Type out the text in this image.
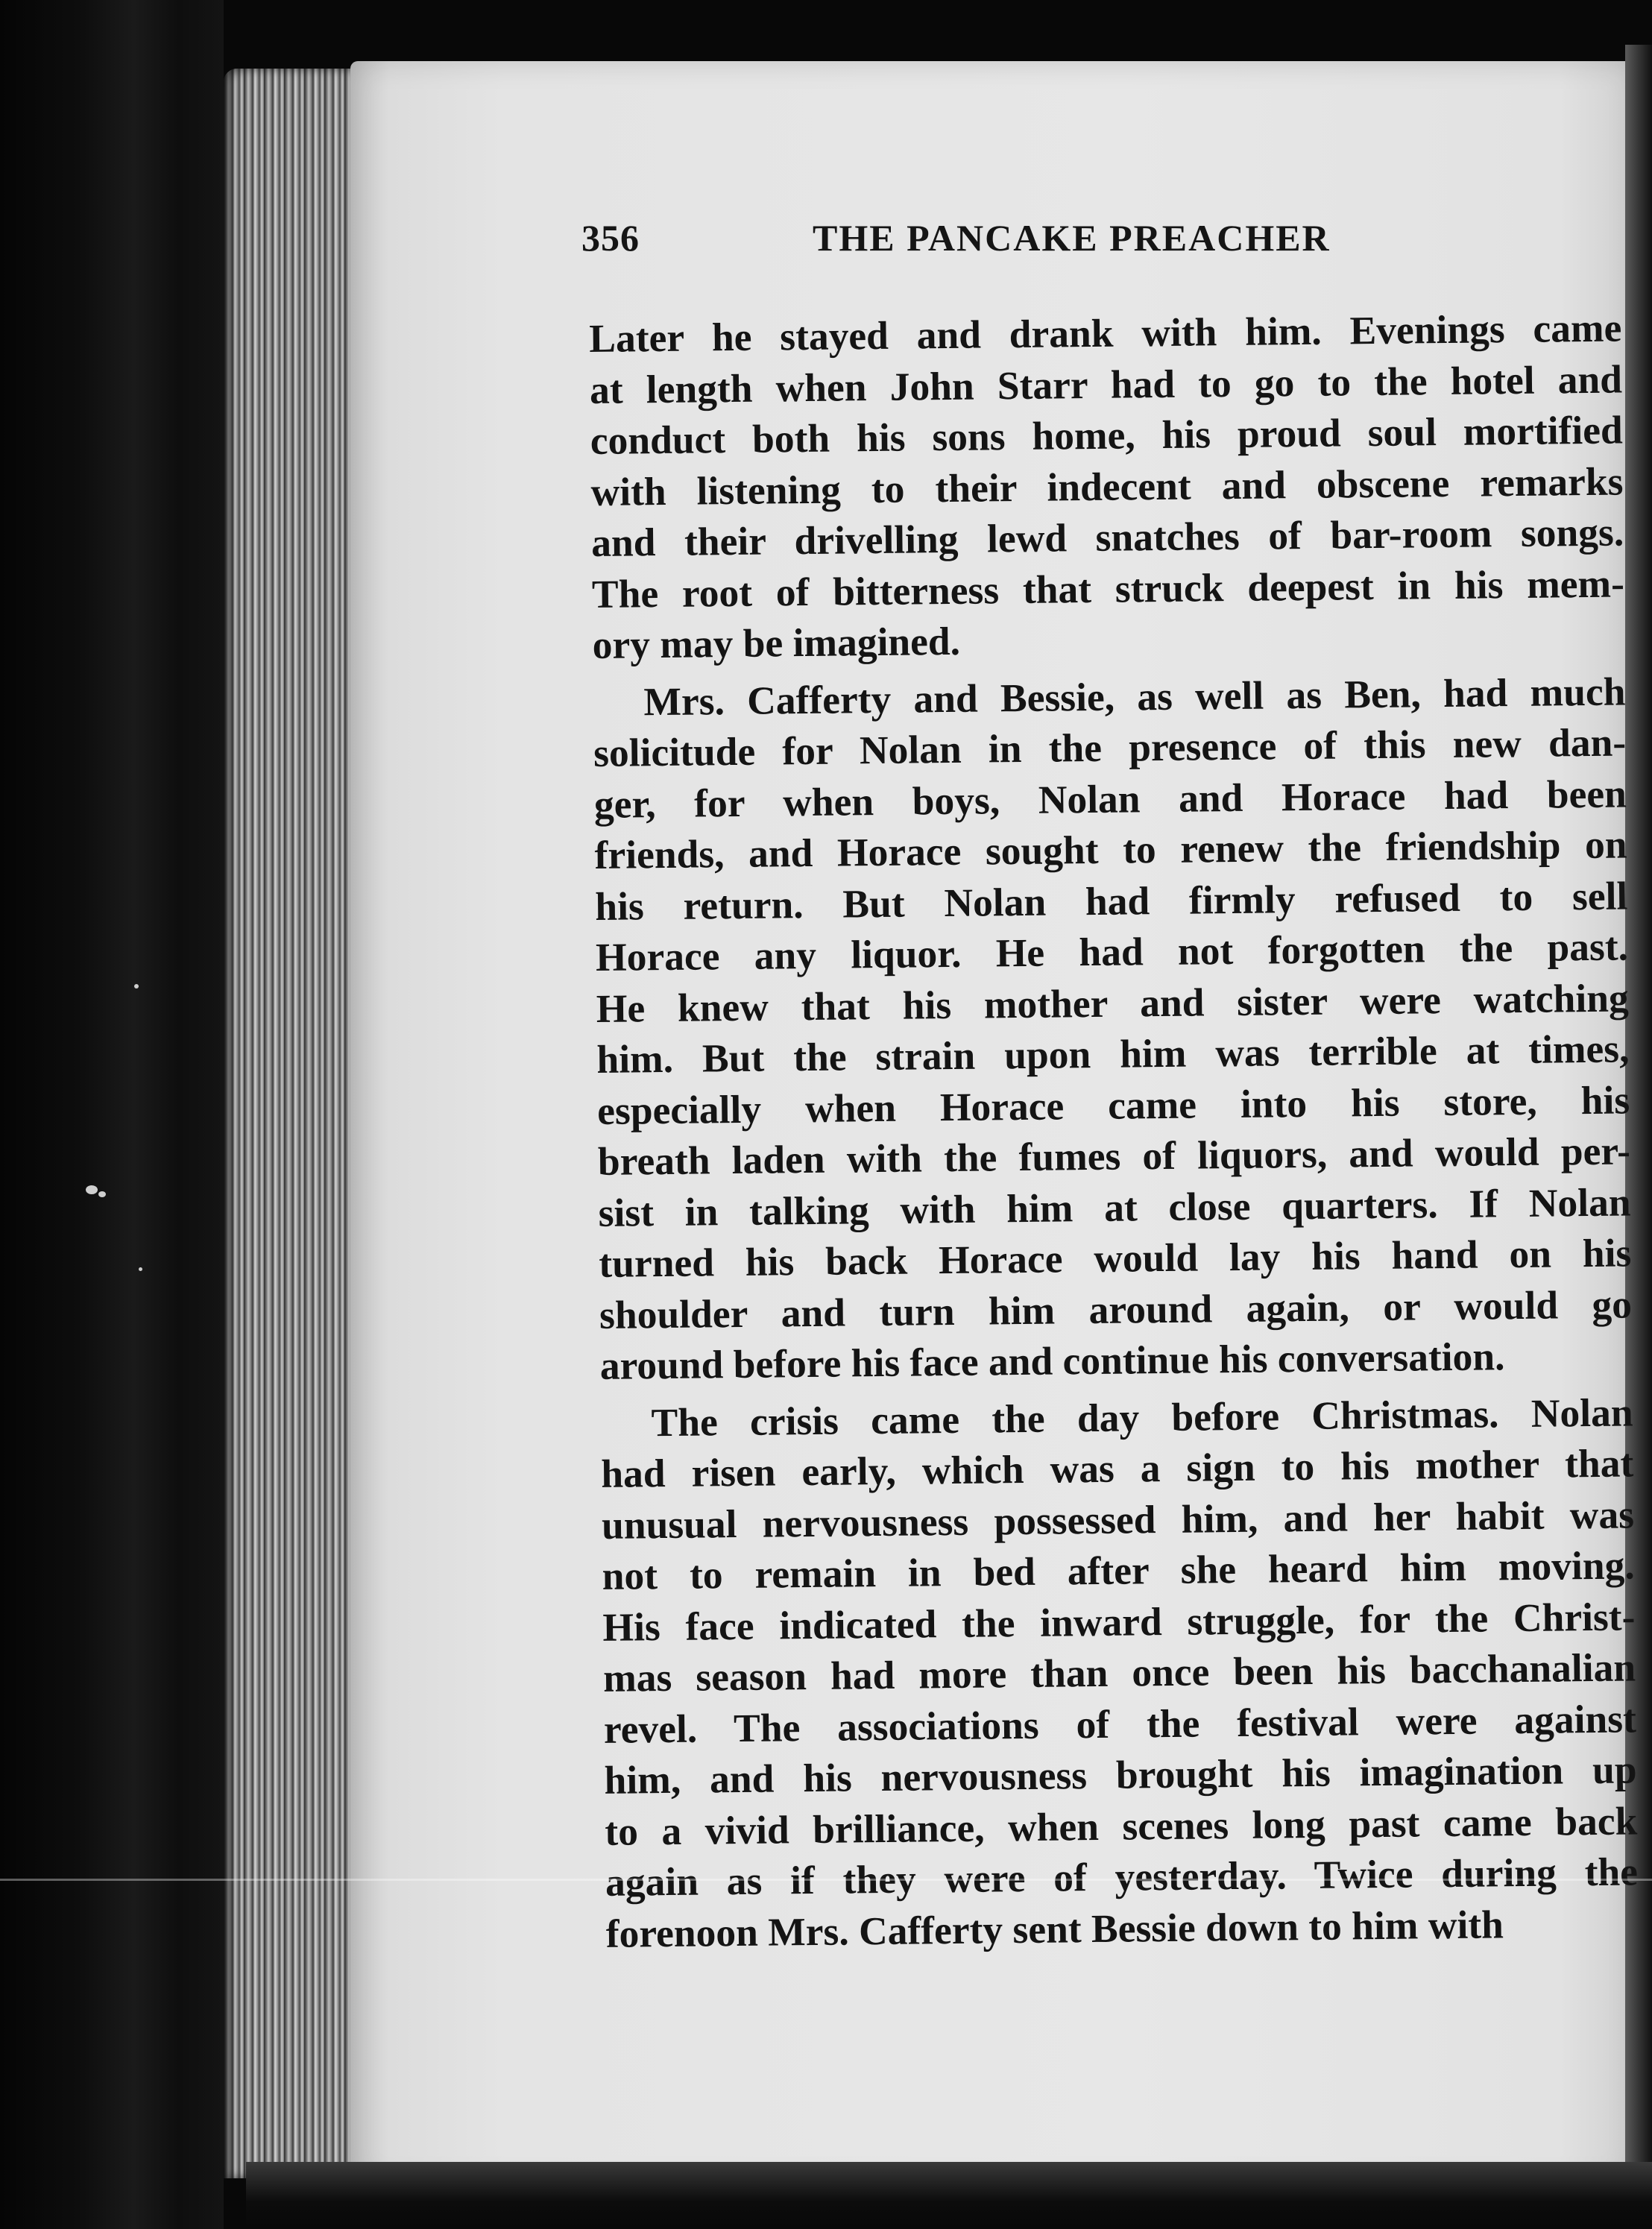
356	THE PANCAKE PREACHER
Later he stayed and drank with him. Evenings came
at length when John Starr had to go to the hotel and
conduct both his sons home, his proud soul mortified
with listening to their indecent and obscene remarks
and their drivelling lewd snatches of bar-room songs.
The root of bitterness that struck deepest in his mem-
ory may be imagined.
Mrs. Cafferty and Bessie, as well as Ben, had much
solicitude for Nolan in the presence of this new dan-
ger, for when boys, Nolan and Horace had been
friends, and Horace sought to renew the friendship on
his return. But Nolan had firmly refused to sell
Horace any liquor. He had not forgotten the past.
He knew that his mother and sister were watching
him. But the strain upon him was terrible at times,
especially when Horace came into his store, his
breath laden with the fumes of liquors, and would per-
sist in talking with him at close quarters. If Nolan
turned his back Horace would lay his hand on his
shoulder and turn him around again, or would go
around before his face and continue his conversation.
The crisis came the day before Christmas. Nolan
had risen early, which was a sign to his mother that
unusual nervousness possessed him, and her habit was
not to remain in bed after she heard him moving.
His face indicated the inward struggle, for the Christ-
mas season had more than once been his bacchanalian
revel. The associations of the festival were against
him, and his nervousness brought his imagination up
to a vivid brilliance, when scenes long past came back
again as if they were of yesterday. Twice during the
forenoon Mrs. Cafferty sent Bessie down to him with
